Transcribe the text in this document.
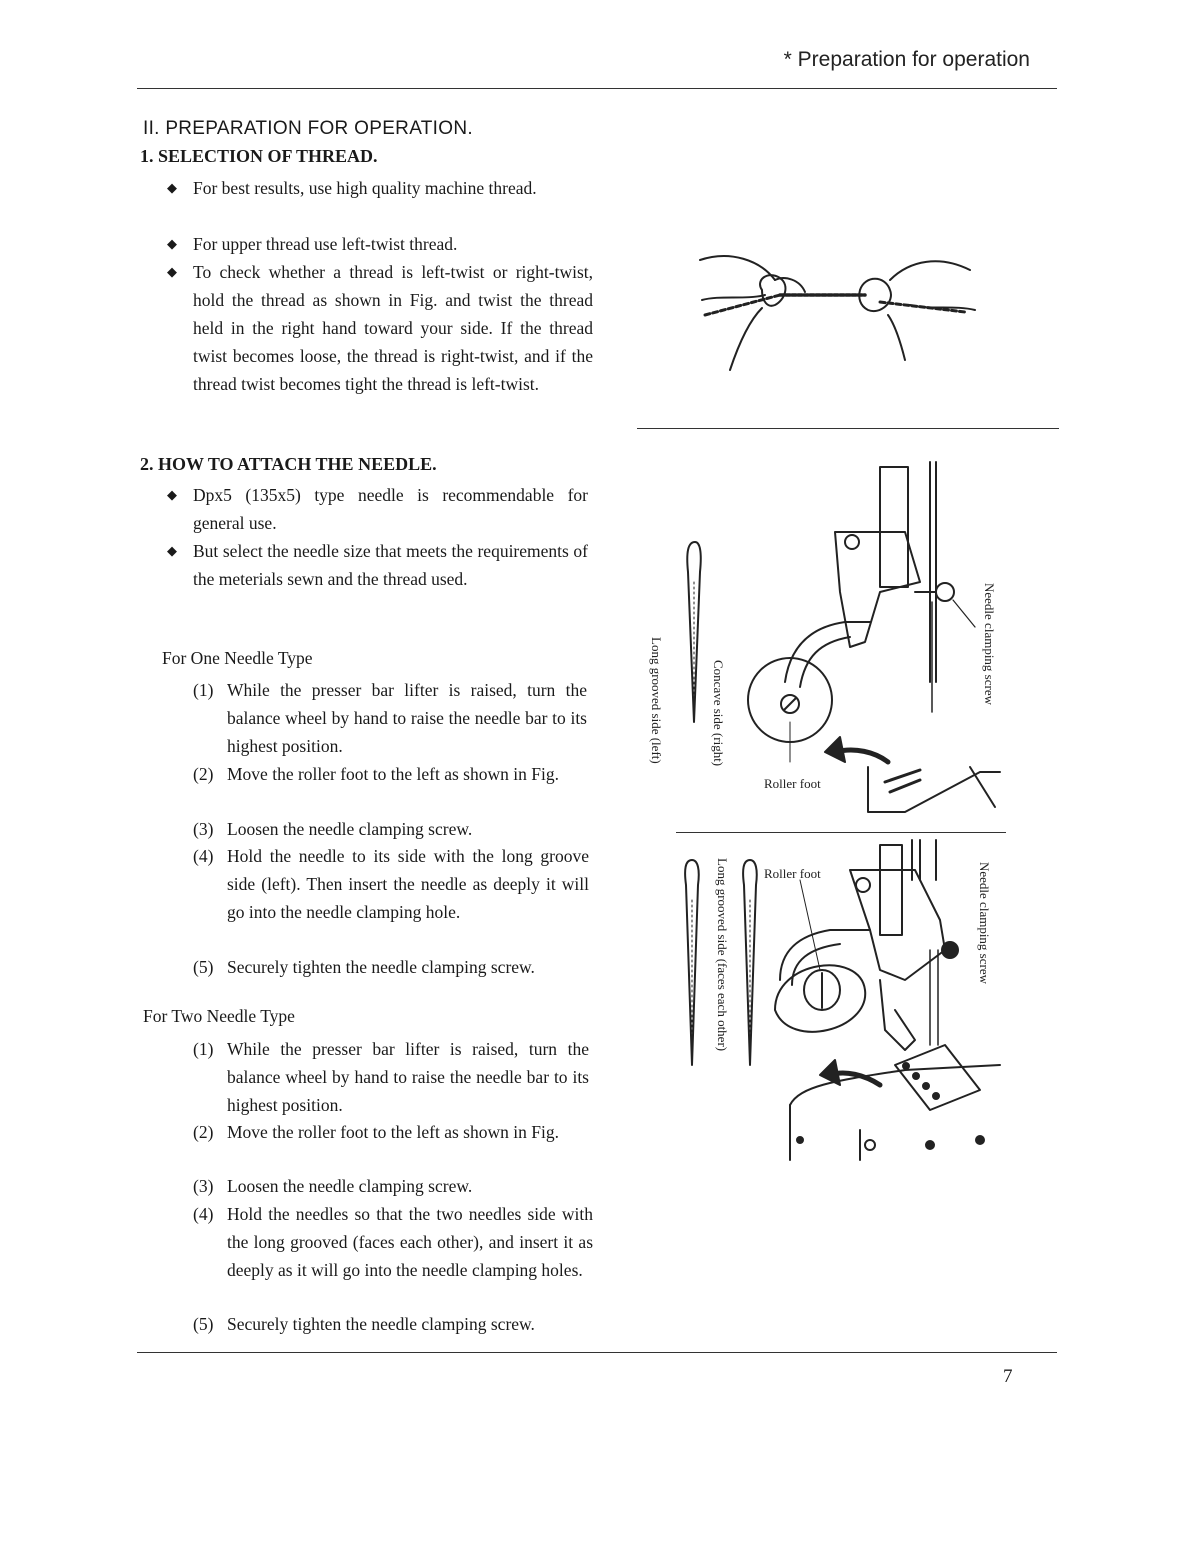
* Preparation for operation
II. PREPARATION FOR OPERATION.
1. SELECTION OF THREAD.
◆ For best results, use high quality machine thread.
◆ For upper thread use left-twist thread.
◆ To check whether a thread is left-twist or right-twist, hold the thread as shown in Fig. and twist the thread held in the right hand toward your side. If the thread twist becomes loose, the thread is right-twist, and if the thread twist becomes tight the thread is left-twist.
2. HOW TO ATTACH THE NEEDLE.
◆ Dpx5 (135x5) type needle is recommendable for general use.
◆ But select the needle size that meets the requirements of the meterials sewn and the thread used.
For One Needle Type
(1) While the presser bar lifter is raised, turn the balance wheel by hand to raise the needle bar to its highest position.
(2) Move the roller foot to the left as shown in Fig.
(3) Loosen the needle clamping screw.
(4) Hold the needle to its side with the long groove side (left). Then insert the needle as deeply it will go into the needle clamping hole.
(5) Securely tighten the needle clamping screw.
For Two Needle Type
(1) While the presser bar lifter is raised, turn the balance wheel by hand to raise the needle bar to its highest position.
(2) Move the roller foot to the left as shown in Fig.
(3) Loosen the needle clamping screw.
(4) Hold the needles so that the two needles side with the long grooved (faces each other), and insert it as deeply as it will go into the needle clamping holes.
(5) Securely tighten the needle clamping screw.
Long grooved side (left)	Concave side (right)
Needle clamping screw
Roller foot
Long grooved side (faces each other)	Needle clamping screw
Roller foot
7
